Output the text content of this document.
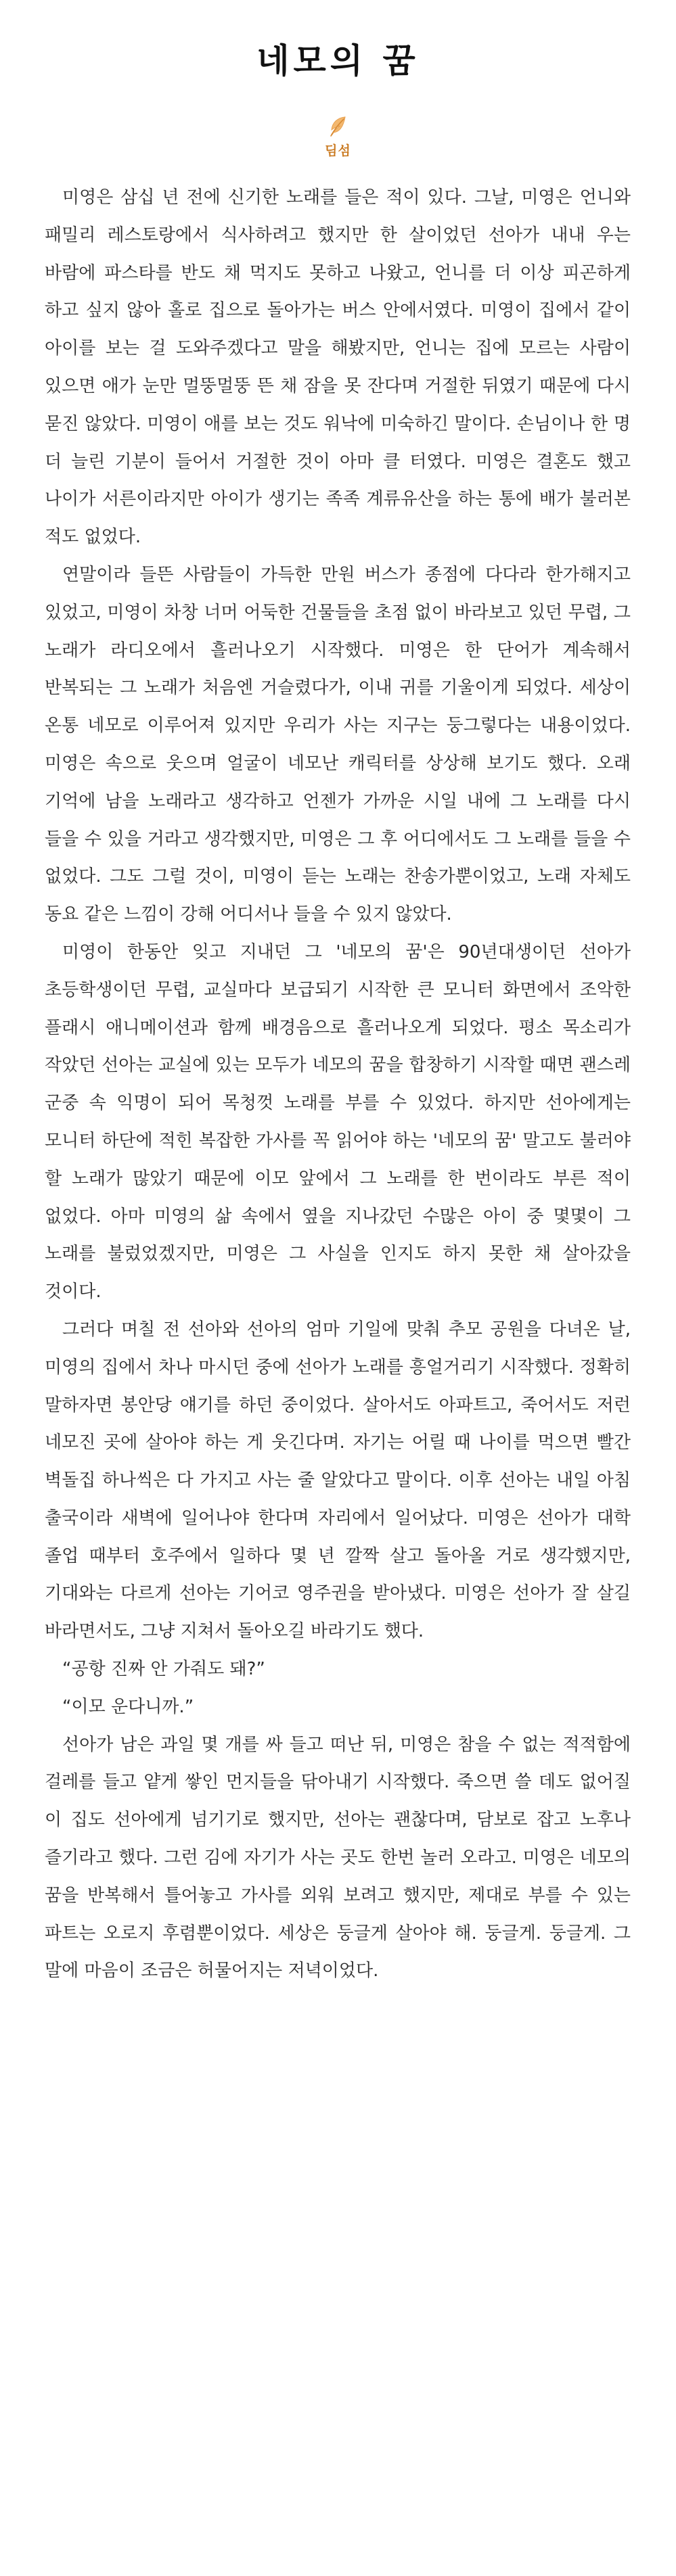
네모의 꿈
딤섬

미영은 삼십 년 전에 신기한 노래를 들은 적이 있다. 그날, 미영은 언니와 패밀리 레스토랑에서 식사하려고 했지만 한 살이었던 선아가 내내 우는 바람에 파스타를 반도 채 먹지도 못하고 나왔고, 언니를 더 이상 피곤하게 하고 싶지 않아 홀로 집으로 돌아가는 버스 안에서였다. 미영이 집에서 같이 아이를 보는 걸 도와주겠다고 말을 해봤지만, 언니는 집에 모르는 사람이 있으면 애가 눈만 멀뚱멀뚱 뜬 채 잠을 못 잔다며 거절한 뒤였기 때문에 다시 묻진 않았다. 미영이 애를 보는 것도 워낙에 미숙하긴 말이다. 손님이나 한 명 더 늘린 기분이 들어서 거절한 것이 아마 클 터였다. 미영은 결혼도 했고 나이가 서른이라지만 아이가 생기는 족족 계류유산을 하는 통에 배가 불러본 적도 없었다.

연말이라 들뜬 사람들이 가득한 만원 버스가 종점에 다다라 한가해지고 있었고, 미영이 차창 너머 어둑한 건물들을 초점 없이 바라보고 있던 무렵, 그 노래가 라디오에서 흘러나오기 시작했다. 미영은 한 단어가 계속해서 반복되는 그 노래가 처음엔 거슬렸다가, 이내 귀를 기울이게 되었다. 세상이 온통 네모로 이루어져 있지만 우리가 사는 지구는 둥그렇다는 내용이었다. 미영은 속으로 웃으며 얼굴이 네모난 캐릭터를 상상해 보기도 했다. 오래 기억에 남을 노래라고 생각하고 언젠가 가까운 시일 내에 그 노래를 다시 들을 수 있을 거라고 생각했지만, 미영은 그 후 어디에서도 그 노래를 들을 수 없었다. 그도 그럴 것이, 미영이 듣는 노래는 찬송가뿐이었고, 노래 자체도 동요 같은 느낌이 강해 어디서나 들을 수 있지 않았다.

미영이 한동안 잊고 지내던 그 '네모의 꿈'은 90년대생이던 선아가 초등학생이던 무렵, 교실마다 보급되기 시작한 큰 모니터 화면에서 조악한 플래시 애니메이션과 함께 배경음으로 흘러나오게 되었다. 평소 목소리가 작았던 선아는 교실에 있는 모두가 네모의 꿈을 합창하기 시작할 때면 괜스레 군중 속 익명이 되어 목청껏 노래를 부를 수 있었다. 하지만 선아에게는 모니터 하단에 적힌 복잡한 가사를 꼭 읽어야 하는 '네모의 꿈' 말고도 불러야 할 노래가 많았기 때문에 이모 앞에서 그 노래를 한 번이라도 부른 적이 없었다. 아마 미영의 삶 속에서 옆을 지나갔던 수많은 아이 중 몇몇이 그 노래를 불렀었겠지만, 미영은 그 사실을 인지도 하지 못한 채 살아갔을 것이다.

그러다 며칠 전 선아와 선아의 엄마 기일에 맞춰 추모 공원을 다녀온 날, 미영의 집에서 차나 마시던 중에 선아가 노래를 흥얼거리기 시작했다. 정확히 말하자면 봉안당 얘기를 하던 중이었다. 살아서도 아파트고, 죽어서도 저런 네모진 곳에 살아야 하는 게 웃긴다며. 자기는 어릴 때 나이를 먹으면 빨간 벽돌집 하나씩은 다 가지고 사는 줄 알았다고 말이다. 이후 선아는 내일 아침 출국이라 새벽에 일어나야 한다며 자리에서 일어났다. 미영은 선아가 대학 졸업 때부터 호주에서 일하다 몇 년 깔짝 살고 돌아올 거로 생각했지만, 기대와는 다르게 선아는 기어코 영주권을 받아냈다. 미영은 선아가 잘 살길 바라면서도, 그냥 지쳐서 돌아오길 바라기도 했다.

“공항 진짜 안 가줘도 돼?”

“이모 운다니까.”

선아가 남은 과일 몇 개를 싸 들고 떠난 뒤, 미영은 참을 수 없는 적적함에 걸레를 들고 얕게 쌓인 먼지들을 닦아내기 시작했다. 죽으면 쓸 데도 없어질 이 집도 선아에게 넘기기로 했지만, 선아는 괜찮다며, 담보로 잡고 노후나 즐기라고 했다. 그런 김에 자기가 사는 곳도 한번 놀러 오라고. 미영은 네모의 꿈을 반복해서 틀어놓고 가사를 외워 보려고 했지만, 제대로 부를 수 있는 파트는 오로지 후렴뿐이었다. 세상은 둥글게 살아야 해. 둥글게. 둥글게. 그 말에 마음이 조금은 허물어지는 저녁이었다.
